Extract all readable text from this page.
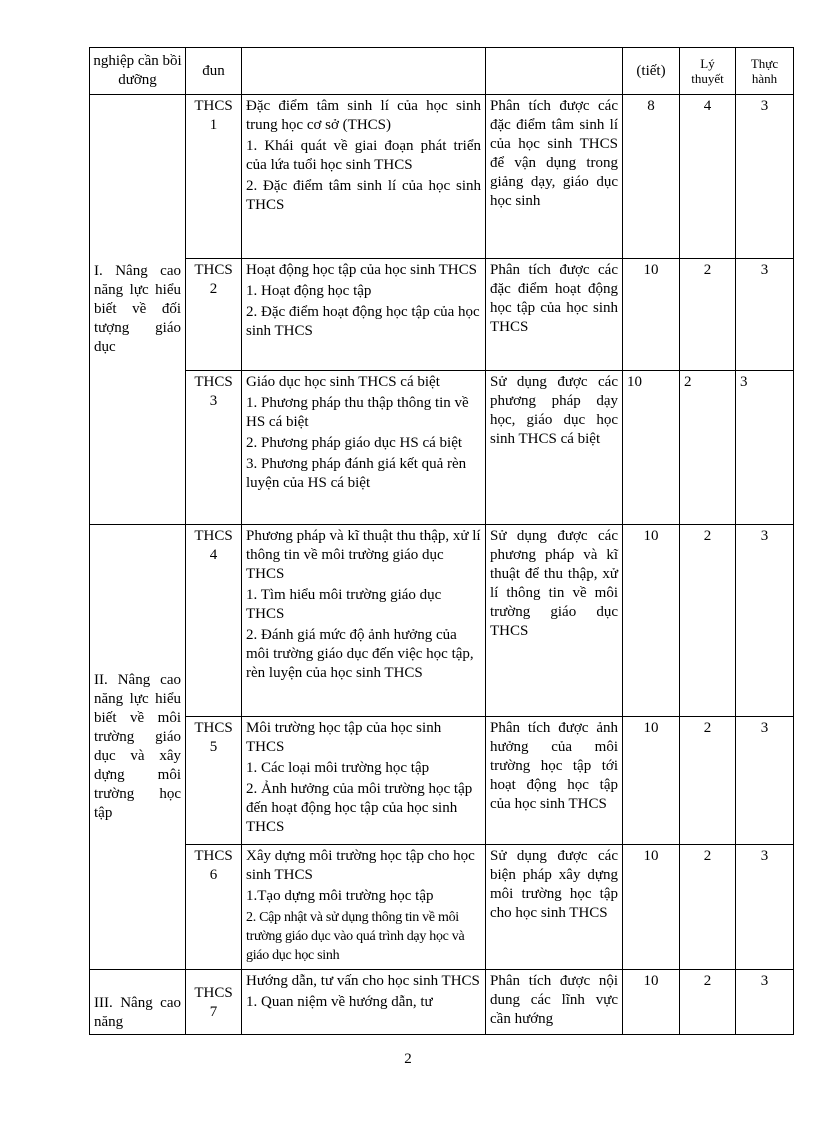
nghiệp cần bồi dưỡng	đun			(tiết)	Lý thuyết	Thực hành
I. Nâng cao năng lực hiểu biết về đối tượng giáo dục	THCS 1	Đặc điểm tâm sinh lí của học sinh trung học cơ sở (THCS)

1. Khái quát về giai đoạn phát triển của lứa tuổi học sinh THCS

2. Đặc điểm tâm sinh lí của học sinh THCS	Phân tích được các đặc điểm tâm sinh lí của học sinh THCS để vận dụng trong giảng dạy, giáo dục học sinh	8	4	3
	THCS 2	Hoạt động học tập của học sinh THCS

1. Hoạt động học tập

2. Đặc điểm hoạt động học tập của học sinh THCS	Phân tích được các đặc điểm hoạt động học tập của học sinh THCS	10	2	3
	THCS 3	Giáo dục học sinh THCS cá biệt

1. Phương pháp thu thập thông tin về HS cá biệt

2. Phương pháp giáo dục HS cá biệt

3. Phương pháp đánh giá kết quả rèn luyện của HS cá biệt	Sử dụng được các phương pháp dạy học, giáo dục học sinh THCS cá biệt	10	2	3
II. Nâng cao năng lực hiểu biết về môi trường giáo dục và xây dựng môi trường học tập	THCS 4	Phương pháp và kĩ thuật thu thập, xử lí thông tin về môi trường giáo dục THCS

1. Tìm hiểu môi trường giáo dục THCS

2. Đánh giá mức độ ảnh hưởng của môi trường giáo dục đến việc học tập, rèn luyện của học sinh THCS	Sử dụng được các phương pháp và kĩ thuật để thu thập, xử lí thông tin về môi trường giáo dục THCS	10	2	3
	THCS 5	Môi trường học tập của học sinh THCS

1. Các loại môi trường học tập

2. Ảnh hưởng của môi trường học tập đến hoạt động học tập của học sinh THCS	Phân tích được ảnh hưởng của môi trường học tập tới hoạt động học tập của học sinh THCS	10	2	3
	THCS 6	Xây dựng môi trường học tập cho học sinh THCS

1.Tạo dựng môi trường học tập

2. Cập nhật và sử dụng thông tin về môi trường giáo dục vào quá trình dạy học và giáo dục học sinh	Sử dụng được các biện pháp xây dựng môi trường học tập cho học sinh THCS	10	2	3
III. Nâng cao năng	THCS 7	Hướng dẫn, tư vấn cho học sinh THCS

1. Quan niệm về hướng dẫn, tư	Phân tích được nội dung các lĩnh vực cần hướng	10	2	3
2
